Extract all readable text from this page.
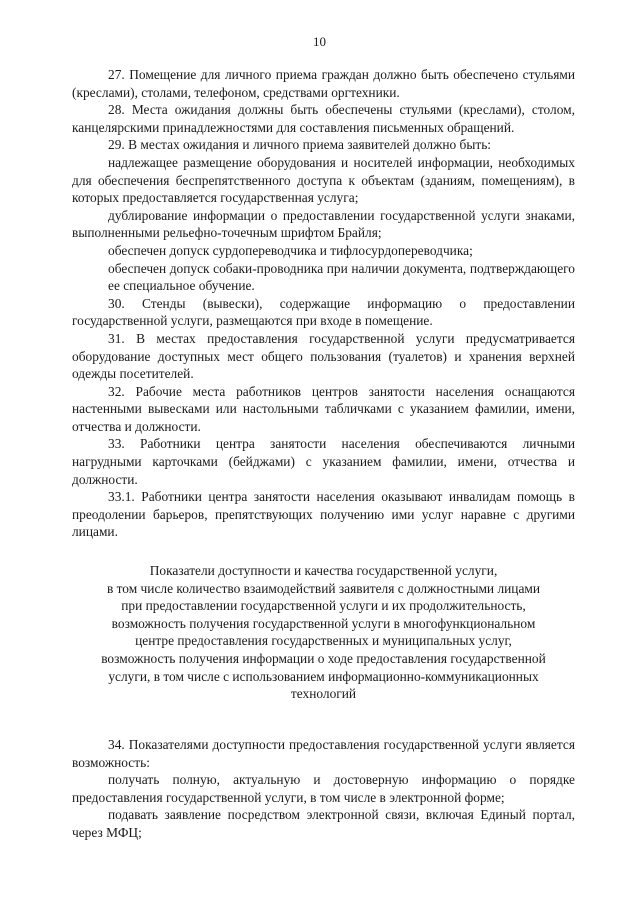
10

27. Помещение для личного приема граждан должно быть обеспечено стульями (креслами), столами, телефоном, средствами оргтехники.

28. Места ожидания должны быть обеспечены стульями (креслами), столом, канцелярскими принадлежностями для составления письменных обращений.

29. В местах ожидания и личного приема заявителей должно быть:

надлежащее размещение оборудования и носителей информации, необходимых для обеспечения беспрепятственного доступа к объектам (зданиям, помещениям), в которых предоставляется государственная услуга;

дублирование информации о предоставлении государственной услуги знаками, выполненными рельефно-точечным шрифтом Брайля;

обеспечен допуск сурдопереводчика и тифлосурдопереводчика;

обеспечен допуск собаки-проводника при наличии документа, подтверждающего ее специальное обучение.

30. Стенды (вывески), содержащие информацию о предоставлении государственной услуги, размещаются при входе в помещение.

31. В местах предоставления государственной услуги предусматривается оборудование доступных мест общего пользования (туалетов) и хранения верхней одежды посетителей.

32. Рабочие места работников центров занятости населения оснащаются настенными вывесками или настольными табличками с указанием фамилии, имени, отчества и должности.

33. Работники центра занятости населения обеспечиваются личными нагрудными карточками (бейджами) с указанием фамилии, имени, отчества и должности.

33.1. Работники центра занятости населения оказывают инвалидам помощь в преодолении барьеров, препятствующих получению ими услуг наравне с другими лицами.

Показатели доступности и качества государственной услуги,
в том числе количество взаимодействий заявителя с должностными лицами
при предоставлении государственной услуги и их продолжительность,
возможность получения государственной услуги в многофункциональном
центре предоставления государственных и муниципальных услуг,
возможность получения информации о ходе предоставления государственной
услуги, в том числе с использованием информационно-коммуникационных
технологий

34. Показателями доступности предоставления государственной услуги является возможность:

получать полную, актуальную и достоверную информацию о порядке предоставления государственной услуги, в том числе в электронной форме;

подавать заявление посредством электронной связи, включая Единый портал, через МФЦ;
